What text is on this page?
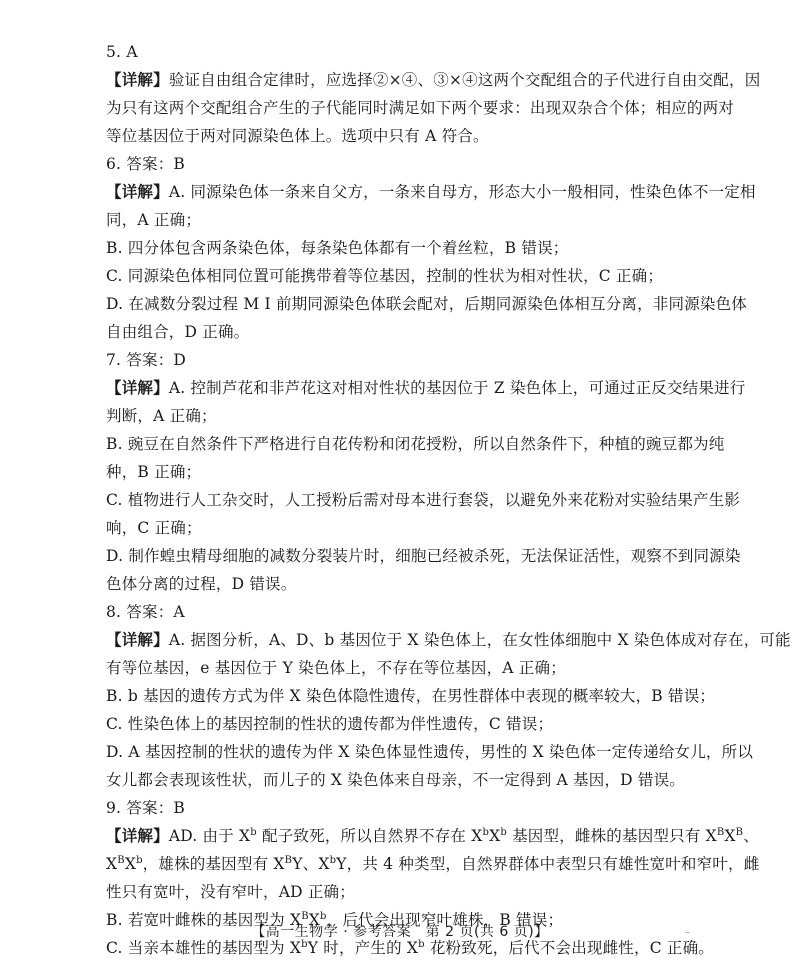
5. A
【详解】验证自由组合定律时，应选择②×④、③×④这两个交配组合的子代进行自由交配，因
为只有这两个交配组合产生的子代能同时满足如下两个要求：出现双杂合个体；相应的两对
等位基因位于两对同源染色体上。选项中只有 A 符合。
6. 答案：B
【详解】A. 同源染色体一条来自父方，一条来自母方，形态大小一般相同，性染色体不一定相
同，A 正确；
B. 四分体包含两条染色体，每条染色体都有一个着丝粒，B 错误；
C. 同源染色体相同位置可能携带着等位基因，控制的性状为相对性状，C 正确；
D. 在减数分裂过程 M Ⅰ 前期同源染色体联会配对，后期同源染色体相互分离，非同源染色体
自由组合，D 正确。
7. 答案：D
【详解】A. 控制芦花和非芦花这对相对性状的基因位于 Z 染色体上，可通过正反交结果进行
判断，A 正确；
B. 豌豆在自然条件下严格进行自花传粉和闭花授粉，所以自然条件下，种植的豌豆都为纯
种，B 正确；
C. 植物进行人工杂交时，人工授粉后需对母本进行套袋，以避免外来花粉对实验结果产生影
响，C 正确；
D. 制作蝗虫精母细胞的减数分裂装片时，细胞已经被杀死，无法保证活性，观察不到同源染
色体分离的过程，D 错误。
8. 答案：A
【详解】A. 据图分析，A、D、b 基因位于 X 染色体上，在女性体细胞中 X 染色体成对存在，可能
有等位基因，e 基因位于 Y 染色体上，不存在等位基因，A 正确；
B. b 基因的遗传方式为伴 X 染色体隐性遗传，在男性群体中表现的概率较大，B 错误；
C. 性染色体上的基因控制的性状的遗传都为伴性遗传，C 错误；
D. A 基因控制的性状的遗传为伴 X 染色体显性遗传，男性的 X 染色体一定传递给女儿，所以
女儿都会表现该性状，而儿子的 X 染色体来自母亲，不一定得到 A 基因，D 错误。
9. 答案：B
【详解】AD. 由于 $X^b$ 配子致死，所以自然界不存在 $X^bX^b$ 基因型，雌株的基因型只有 $X^BX^B$、
$X^BX^b$，雄株的基因型有 $X^BY$、$X^bY$，共 4 种类型，自然界群体中表型只有雄性宽叶和窄叶，雌
性只有宽叶，没有窄叶，AD 正确；
B. 若宽叶雌株的基因型为 $X^BX^b$，后代会出现窄叶雄株，B 错误；
C. 当亲本雄性的基因型为 $X^bY$ 时，产生的 $X^b$ 花粉致死，后代不会出现雌性，C 正确。
【高一生物学 · 参考答案　第 2 页(共 6 页)】	⁻
